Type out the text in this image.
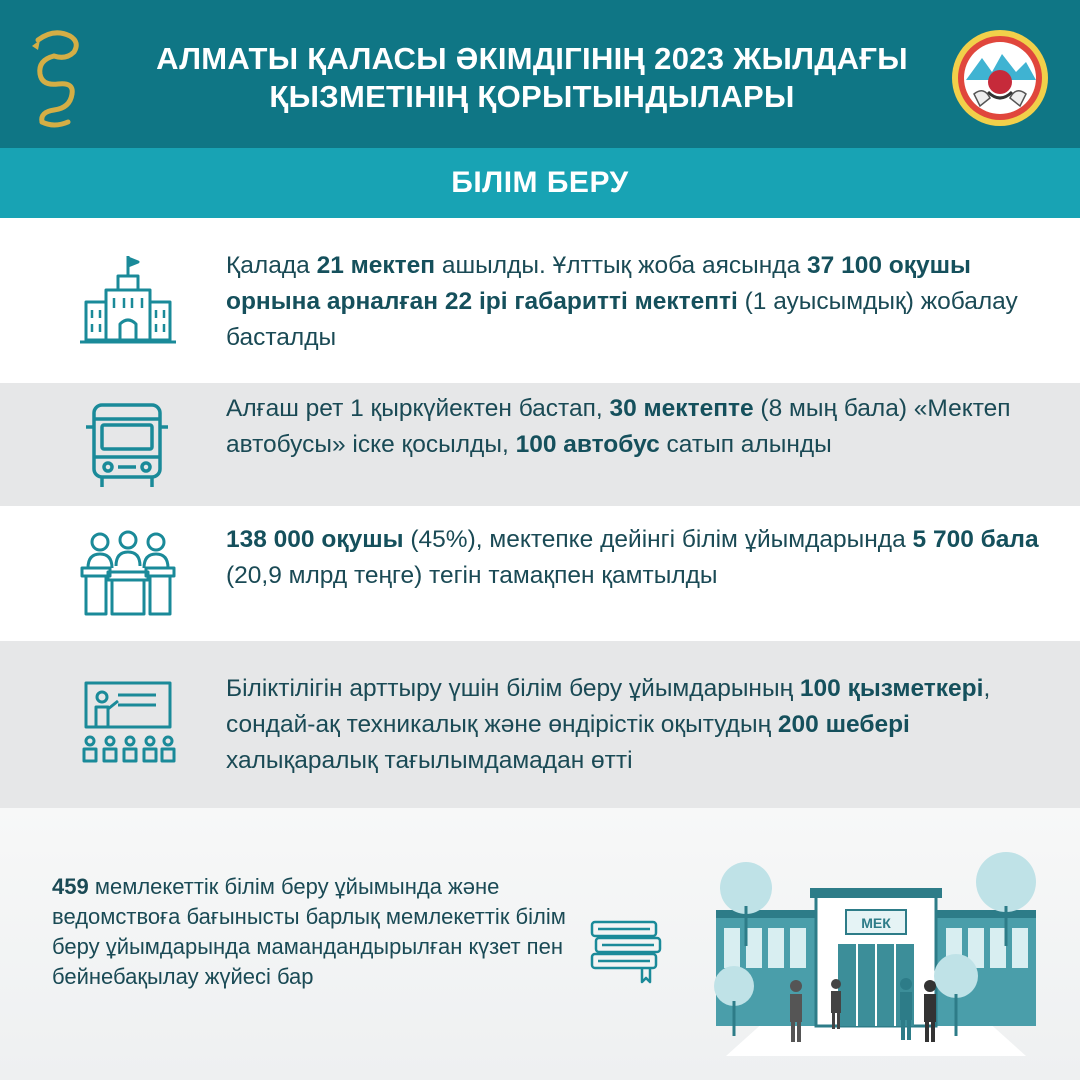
АЛМАТЫ ҚАЛАСЫ ӘКІМДІГІНІҢ 2023 ЖЫЛДАҒЫ
ҚЫЗМЕТІНІҢ ҚОРЫТЫНДЫЛАРЫ
БІЛІМ БЕРУ
Қалада 21 мектеп ашылды. Ұлттық жоба аясында 37 100 оқушы орнына арналған 22 ірі габаритті мектепті (1 ауысымдық) жобалау басталды
Алғаш рет 1 қыркүйектен бастап, 30 мектепте (8 мың бала) «Мектеп автобусы» іске қосылды, 100 автобус сатып алынды
138 000 оқушы (45%), мектепке дейінгі білім ұйымдарында 5 700 бала (20,9 млрд теңге) тегін тамақпен қамтылды
Біліктілігін арттыру үшін білім беру ұйымдарының 100 қызметкері, сондай-ақ техникалық және өндірістік оқытудың 200 шебері халықаралық тағылымдамадан өтті
459 мемлекеттік білім беру ұйымында және ведомствоға бағынысты барлық мемлекеттік білім беру ұйымдарында мамандандырылған күзет пен бейнебақылау жүйесі бар
МЕК
